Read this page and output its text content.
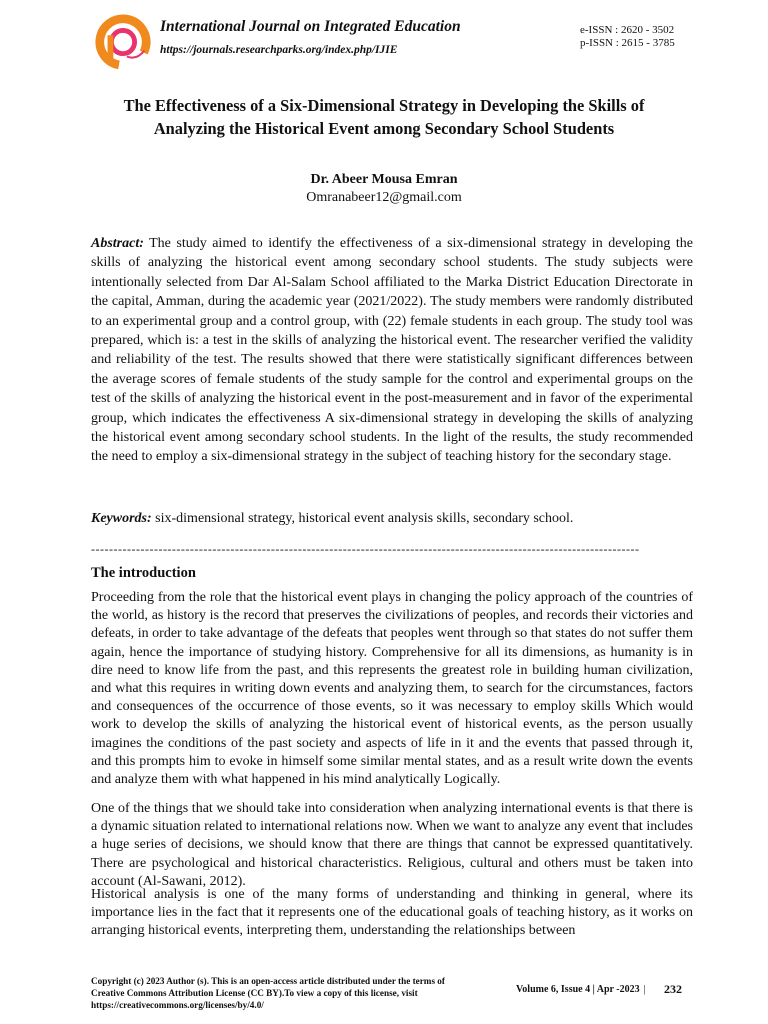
International Journal on Integrated Education
https://journals.researchparks.org/index.php/IJIE
e-ISSN : 2620 - 3502
p-ISSN : 2615 - 3785
The Effectiveness of a Six-Dimensional Strategy in Developing the Skills of Analyzing the Historical Event among Secondary School Students
Dr. Abeer Mousa Emran
Omranabeer12@gmail.com

Abstract: The study aimed to identify the effectiveness of a six-dimensional strategy in developing the skills of analyzing the historical event among secondary school students. The study subjects were intentionally selected from Dar Al-Salam School affiliated to the Marka District Education Directorate in the capital, Amman, during the academic year (2021/2022). The study members were randomly distributed to an experimental group and a control group, with (22) female students in each group. The study tool was prepared, which is: a test in the skills of analyzing the historical event. The researcher verified the validity and reliability of the test. The results showed that there were statistically significant differences between the average scores of female students of the study sample for the control and experimental groups on the test of the skills of analyzing the historical event in the post-measurement and in favor of the experimental group, which indicates the effectiveness A six-dimensional strategy in developing the skills of analyzing the historical event among secondary school students. In the light of the results, the study recommended the need to employ a six-dimensional strategy in the subject of teaching history for the secondary stage.

Keywords: six-dimensional strategy, historical event analysis skills, secondary school.

--------------------------------------------------------------------------------------------------------------------------
The introduction

Proceeding from the role that the historical event plays in changing the policy approach of the countries of the world, as history is the record that preserves the civilizations of peoples, and records their victories and defeats, in order to take advantage of the defeats that peoples went through so that states do not suffer them again, hence the importance of studying history. Comprehensive for all its dimensions, as humanity is in dire need to know life from the past, and this represents the greatest role in building human civilization, and what this requires in writing down events and analyzing them, to search for the circumstances, factors and consequences of the occurrence of those events, so it was necessary to employ skills Which would work to develop the skills of analyzing the historical event of historical events, as the person usually imagines the conditions of the past society and aspects of life in it and the events that passed through it, and this prompts him to evoke in himself some similar mental states, and as a result write down the events and analyze them with what happened in his mind analytically Logically.

One of the things that we should take into consideration when analyzing international events is that there is a dynamic situation related to international relations now. When we want to analyze any event that includes a huge series of decisions, we should know that there are things that cannot be expressed quantitatively. There are psychological and historical characteristics. Religious, cultural and others must be taken into account (Al-Sawani, 2012).

Historical analysis is one of the many forms of understanding and thinking in general, where its importance lies in the fact that it represents one of the educational goals of teaching history, as it works on arranging historical events, interpreting them, understanding the relationships between

Copyright (c) 2023 Author (s). This is an open-access article distributed under the terms of Creative Commons Attribution License (CC BY).To view a copy of this license, visit https://creativecommons.org/licenses/by/4.0/
Volume 6, Issue 4 | Apr -2023 |	232
